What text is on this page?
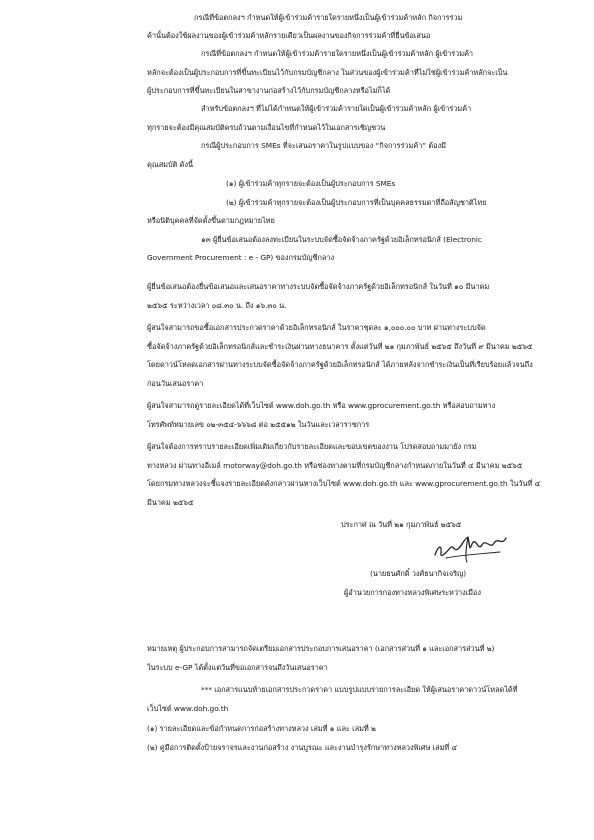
กรณีที่ข้อตกลงฯ กำหนดให้ผู้เข้าร่วมค้ารายใดรายหนึ่งเป็นผู้เข้าร่วมค้าหลัก กิจการร่วม
ค้านั้นต้องใช้ผลงานของผู้เข้าร่วมค้าหลักรายเดียวเป็นผลงานของกิจการร่วมค้าที่ยื่นข้อเสนอ
กรณีที่ข้อตกลงฯ กำหนดให้ผู้เข้าร่วมค้ารายใดรายหนึ่งเป็นผู้เข้าร่วมค้าหลัก ผู้เข้าร่วมค้า
หลักจะต้องเป็นผู้ประกอบการที่ขึ้นทะเบียนไว้กับกรมบัญชีกลาง ในส่วนของผู้เข้าร่วมค้าที่ไม่ใช่ผู้เข้าร่วมค้าหลักจะเป็น
ผู้ประกอบการที่ขึ้นทะเบียนในสาขางานก่อสร้างไว้กับกรมบัญชีกลางหรือไม่ก็ได้
สำหรับข้อตกลงฯ ที่ไม่ได้กำหนดให้ผู้เข้าร่วมค้ารายใดเป็นผู้เข้าร่วมค้าหลัก ผู้เข้าร่วมค้า
ทุกรายจะต้องมีคุณสมบัติครบถ้วนตามเงื่อนไขที่กำหนดไว้ในเอกสารเชิญชวน
กรณีผู้ประกอบการ SMEs ที่จะเสนอราคาในรูปแบบของ “กิจการร่วมค้า” ต้องมี
คุณสมบัติ ดังนี้
(๑) ผู้เข้าร่วมค้าทุกรายจะต้องเป็นผู้ประกอบการ SMEs
(๒) ผู้เข้าร่วมค้าทุกรายจะต้องเป็นผู้ประกอบการที่เป็นบุคคลธรรมดาที่ถือสัญชาติไทย
หรือนิติบุคคลที่จัดตั้งขึ้นตามกฎหมายไทย
๑๓ ผู้ยื่นข้อเสนอต้องลงทะเบียนในระบบจัดซื้อจัดจ้างภาครัฐด้วยอิเล็กทรอนิกส์ (Electronic
Government Procurement : e - GP) ของกรมบัญชีกลาง
ผู้ยื่นข้อเสนอต้องยื่นข้อเสนอและเสนอราคาทางระบบจัดซื้อจัดจ้างภาครัฐด้วยอิเล็กทรอนิกส์ ในวันที่ ๑๐ มีนาคม
๒๕๖๕ ระหว่างเวลา ๐๘.๓๐ น. ถึง ๑๖.๓๐ น.
ผู้สนใจสามารถขอซื้อเอกสารประกวดราคาด้วยอิเล็กทรอนิกส์ ในราคาชุดละ ๑,๐๐๐.๐๐ บาท ผ่านทางระบบจัด
ซื้อจัดจ้างภาครัฐด้วยอิเล็กทรอนิกส์และชำระเงินผ่านทางธนาคาร ตั้งแต่วันที่ ๒๑ กุมภาพันธ์ ๒๕๖๕ ถึงวันที่ ๙ มีนาคม ๒๕๖๕
โดยดาวน์โหลดเอกสารผ่านทางระบบจัดซื้อจัดจ้างภาครัฐด้วยอิเล็กทรอนิกส์ ได้ภายหลังจากชำระเงินเป็นที่เรียบร้อยแล้วจนถึง
ก่อนวันเสนอราคา
ผู้สนใจสามารถดูรายละเอียดได้ที่เว็บไซต์ www.doh.go.th หรือ www.gprocurement.go.th หรือสอบถามทาง
โทรศัพท์หมายเลข ๐๒-๓๕๔-๖๖๖๘ ต่อ ๒๕๕๑๒ ในวันและเวลาราชการ
ผู้สนใจต้องการทราบรายละเอียดเพิ่มเติมเกี่ยวกับรายละเอียดและขอบเขตของงาน โปรดสอบถามมายัง กรม
ทางหลวง ผ่านทางอีเมล์ motorway@doh.go.th หรือช่องทางตามที่กรมบัญชีกลางกำหนดภายในวันที่ ๔ มีนาคม ๒๕๖๕
โดยกรมทางหลวงจะชี้แจงรายละเอียดดังกล่าวผ่านทางเว็บไซต์ www.doh.go.th และ www.gprocurement.go.th ในวันที่ ๔
มีนาคม ๒๕๖๕
ประกาศ ณ วันที่ ๒๑ กุมภาพันธ์ ๒๕๖๕
(นายธนศักดิ์ วงศ์ธนากิจเจริญ)
ผู้อำนวยการกองทางหลวงพิเศษระหว่างเมือง
หมายเหตุ ผู้ประกอบการสามารถจัดเตรียมเอกสารประกอบการเสนอราคา (เอกสารส่วนที่ ๑ และเอกสารส่วนที่ ๒)
ในระบบ e-GP ได้ตั้งแต่วันที่ขอเอกสารจนถึงวันเสนอราคา
*** เอกสารแนบท้ายเอกสารประกวดราคา แบบรูปแบบรายการละเอียด ให้ผู้เสนอราคาดาวน์โหลดได้ที่
เว็บไซต์ www.doh.go.th
(๑) รายละเอียดและข้อกำหนดการก่อสร้างทางหลวง เล่มที่ ๑ และ เล่มที่ ๒
(๒) คู่มือการติดตั้งป้ายจราจรและงานก่อสร้าง งานบูรณะ และงานบำรุงรักษาทางหลวงพิเศษ เล่มที่ ๔
